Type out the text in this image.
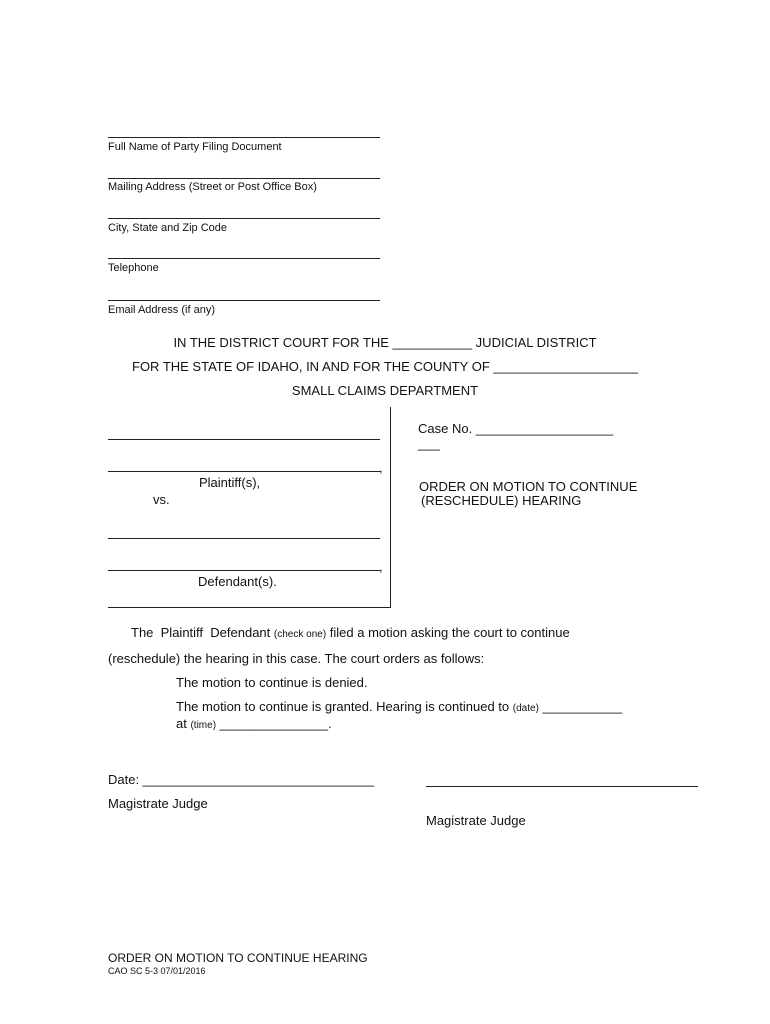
Full Name of Party Filing Document
Mailing Address (Street or Post Office Box)
City, State and Zip Code
Telephone
Email Address (if any)
IN THE DISTRICT COURT FOR THE ___________ JUDICIAL DISTRICT
FOR THE STATE OF IDAHO, IN AND FOR THE COUNTY OF ____________________
SMALL CLAIMS DEPARTMENT
,
Plaintiff(s),
vs.
,
Defendant(s).
Case No. ___________________
___
ORDER ON MOTION TO CONTINUE
(RESCHEDULE) HEARING
The Plaintiff Defendant (check one) filed a motion asking the court to continue
(reschedule) the hearing in this case. The court orders as follows:
The motion to continue is denied.
The motion to continue is granted. Hearing is continued to (date) ___________
at (time) _______________.
Date: ________________________________
Magistrate Judge
Magistrate Judge
ORDER ON MOTION TO CONTINUE HEARING
CAO SC 5-3 07/01/2016
